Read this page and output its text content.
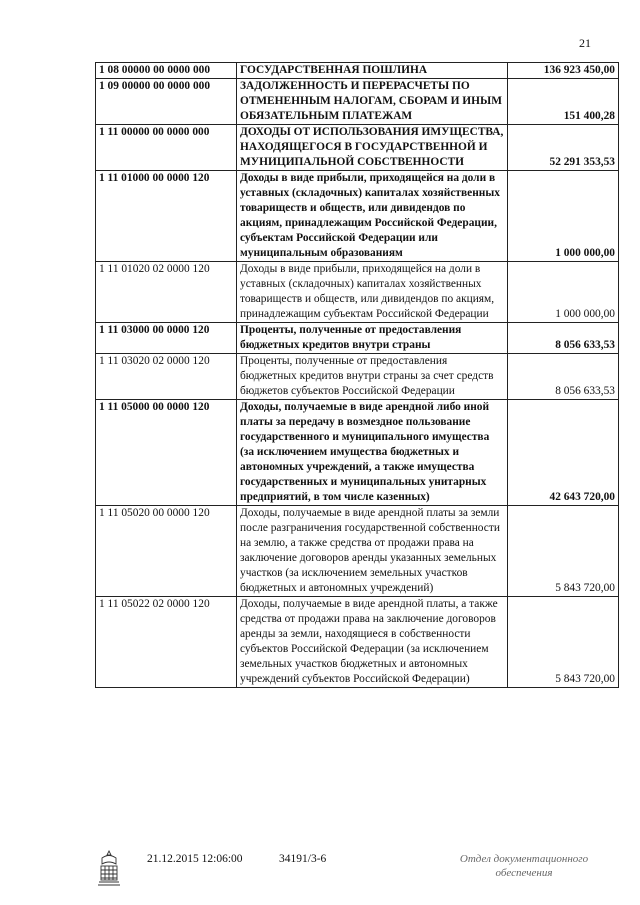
21
1 08 00000 00 0000 000	ГОСУДАРСТВЕННАЯ ПОШЛИНА	136 923 450,00
1 09 00000 00 0000 000	ЗАДОЛЖЕННОСТЬ И ПЕРЕРАСЧЕТЫ ПО ОТМЕНЕННЫМ НАЛОГАМ, СБОРАМ И ИНЫМ ОБЯЗАТЕЛЬНЫМ ПЛАТЕЖАМ	151 400,28
1 11 00000 00 0000 000	ДОХОДЫ ОТ ИСПОЛЬЗОВАНИЯ ИМУЩЕСТВА, НАХОДЯЩЕГОСЯ В ГОСУДАРСТВЕННОЙ И МУНИЦИПАЛЬНОЙ СОБСТВЕННОСТИ	52 291 353,53
1 11 01000 00 0000 120	Доходы в виде прибыли, приходящейся на доли в уставных (складочных) капиталах хозяйственных товариществ и обществ, или дивидендов по акциям, принадлежащим Российской Федерации, субъектам Российской Федерации или муниципальным образованиям	1 000 000,00
1 11 01020 02 0000 120	Доходы в виде прибыли, приходящейся на доли в уставных (складочных) капиталах хозяйственных товариществ и обществ, или дивидендов по акциям, принадлежащим субъектам Российской Федерации	1 000 000,00
1 11 03000 00 0000 120	Проценты, полученные от предоставления бюджетных кредитов внутри страны	8 056 633,53
1 11 03020 02 0000 120	Проценты, полученные от предоставления бюджетных кредитов внутри страны за счет средств бюджетов субъектов Российской Федерации	8 056 633,53
1 11 05000 00 0000 120	Доходы, получаемые в виде арендной либо иной платы за передачу в возмездное пользование государственного и муниципального имущества (за исключением имущества бюджетных и автономных учреждений, а также имущества государственных и муниципальных унитарных предприятий, в том числе казенных)	42 643 720,00
1 11 05020 00 0000 120	Доходы, получаемые в виде арендной платы за земли после разграничения государственной собственности на землю, а также средства от продажи права на заключение договоров аренды указанных земельных участков (за исключением земельных участков бюджетных и автономных учреждений)	5 843 720,00
1 11 05022 02 0000 120	Доходы, получаемые в виде арендной платы, а также средства от продажи права на заключение договоров аренды за земли, находящиеся в собственности субъектов Российской Федерации (за исключением земельных участков бюджетных и автономных учреждений субъектов Российской Федерации)	5 843 720,00
21.12.2015 12:06:00	34191/3-6	Отдел документационного
обеспечения
